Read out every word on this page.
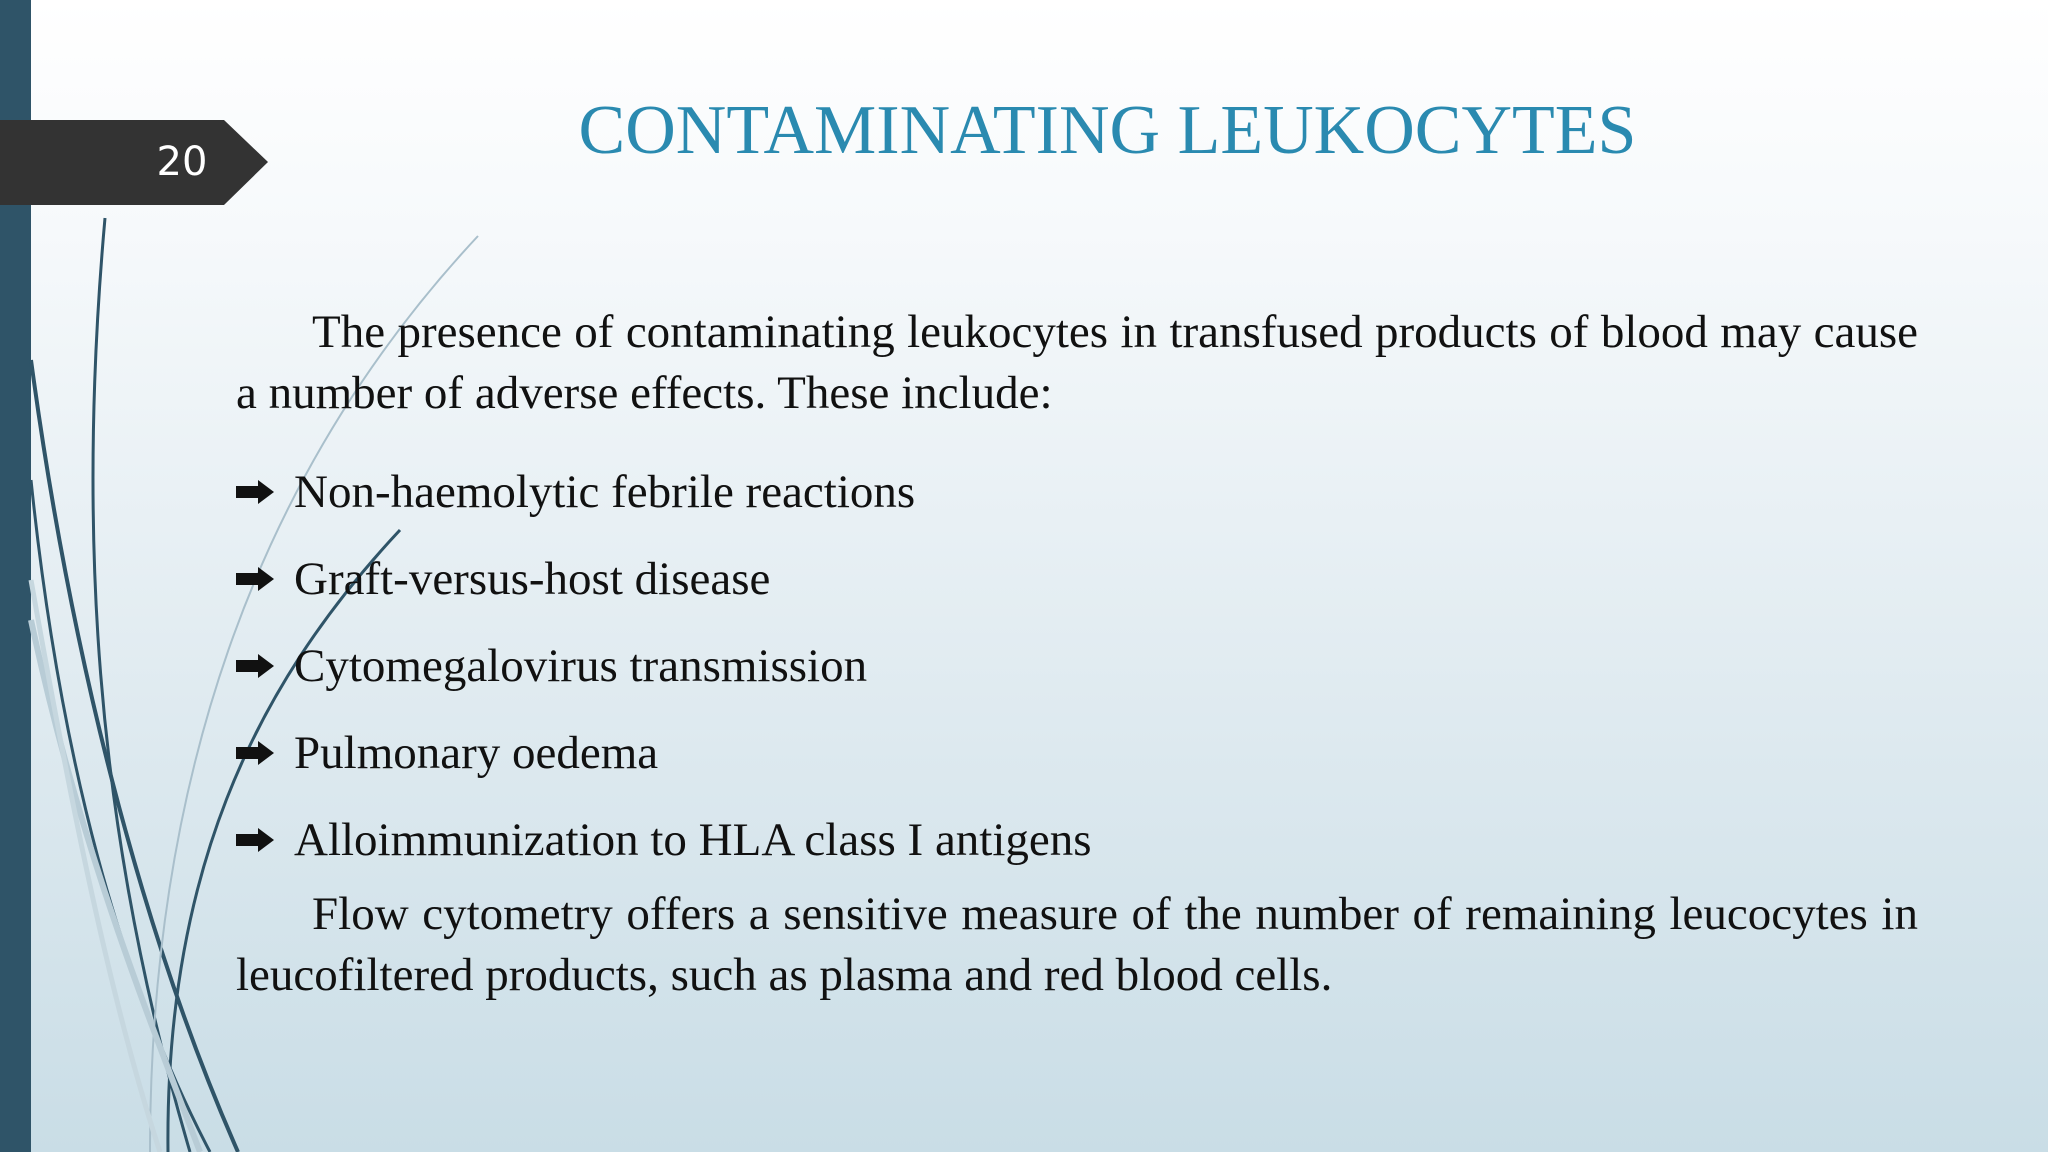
20	CONTAMINATING LEUKOCYTES

The presence of contaminating leukocytes in transfused products of blood may cause a number of adverse effects. These include:

Non-haemolytic febrile reactions
Graft-versus-host disease
Cytomegalovirus transmission
Pulmonary oedema
Alloimmunization to HLA class I antigens

Flow cytometry offers a sensitive measure of the number of remaining leucocytes in leucofiltered products, such as plasma and red blood cells.
